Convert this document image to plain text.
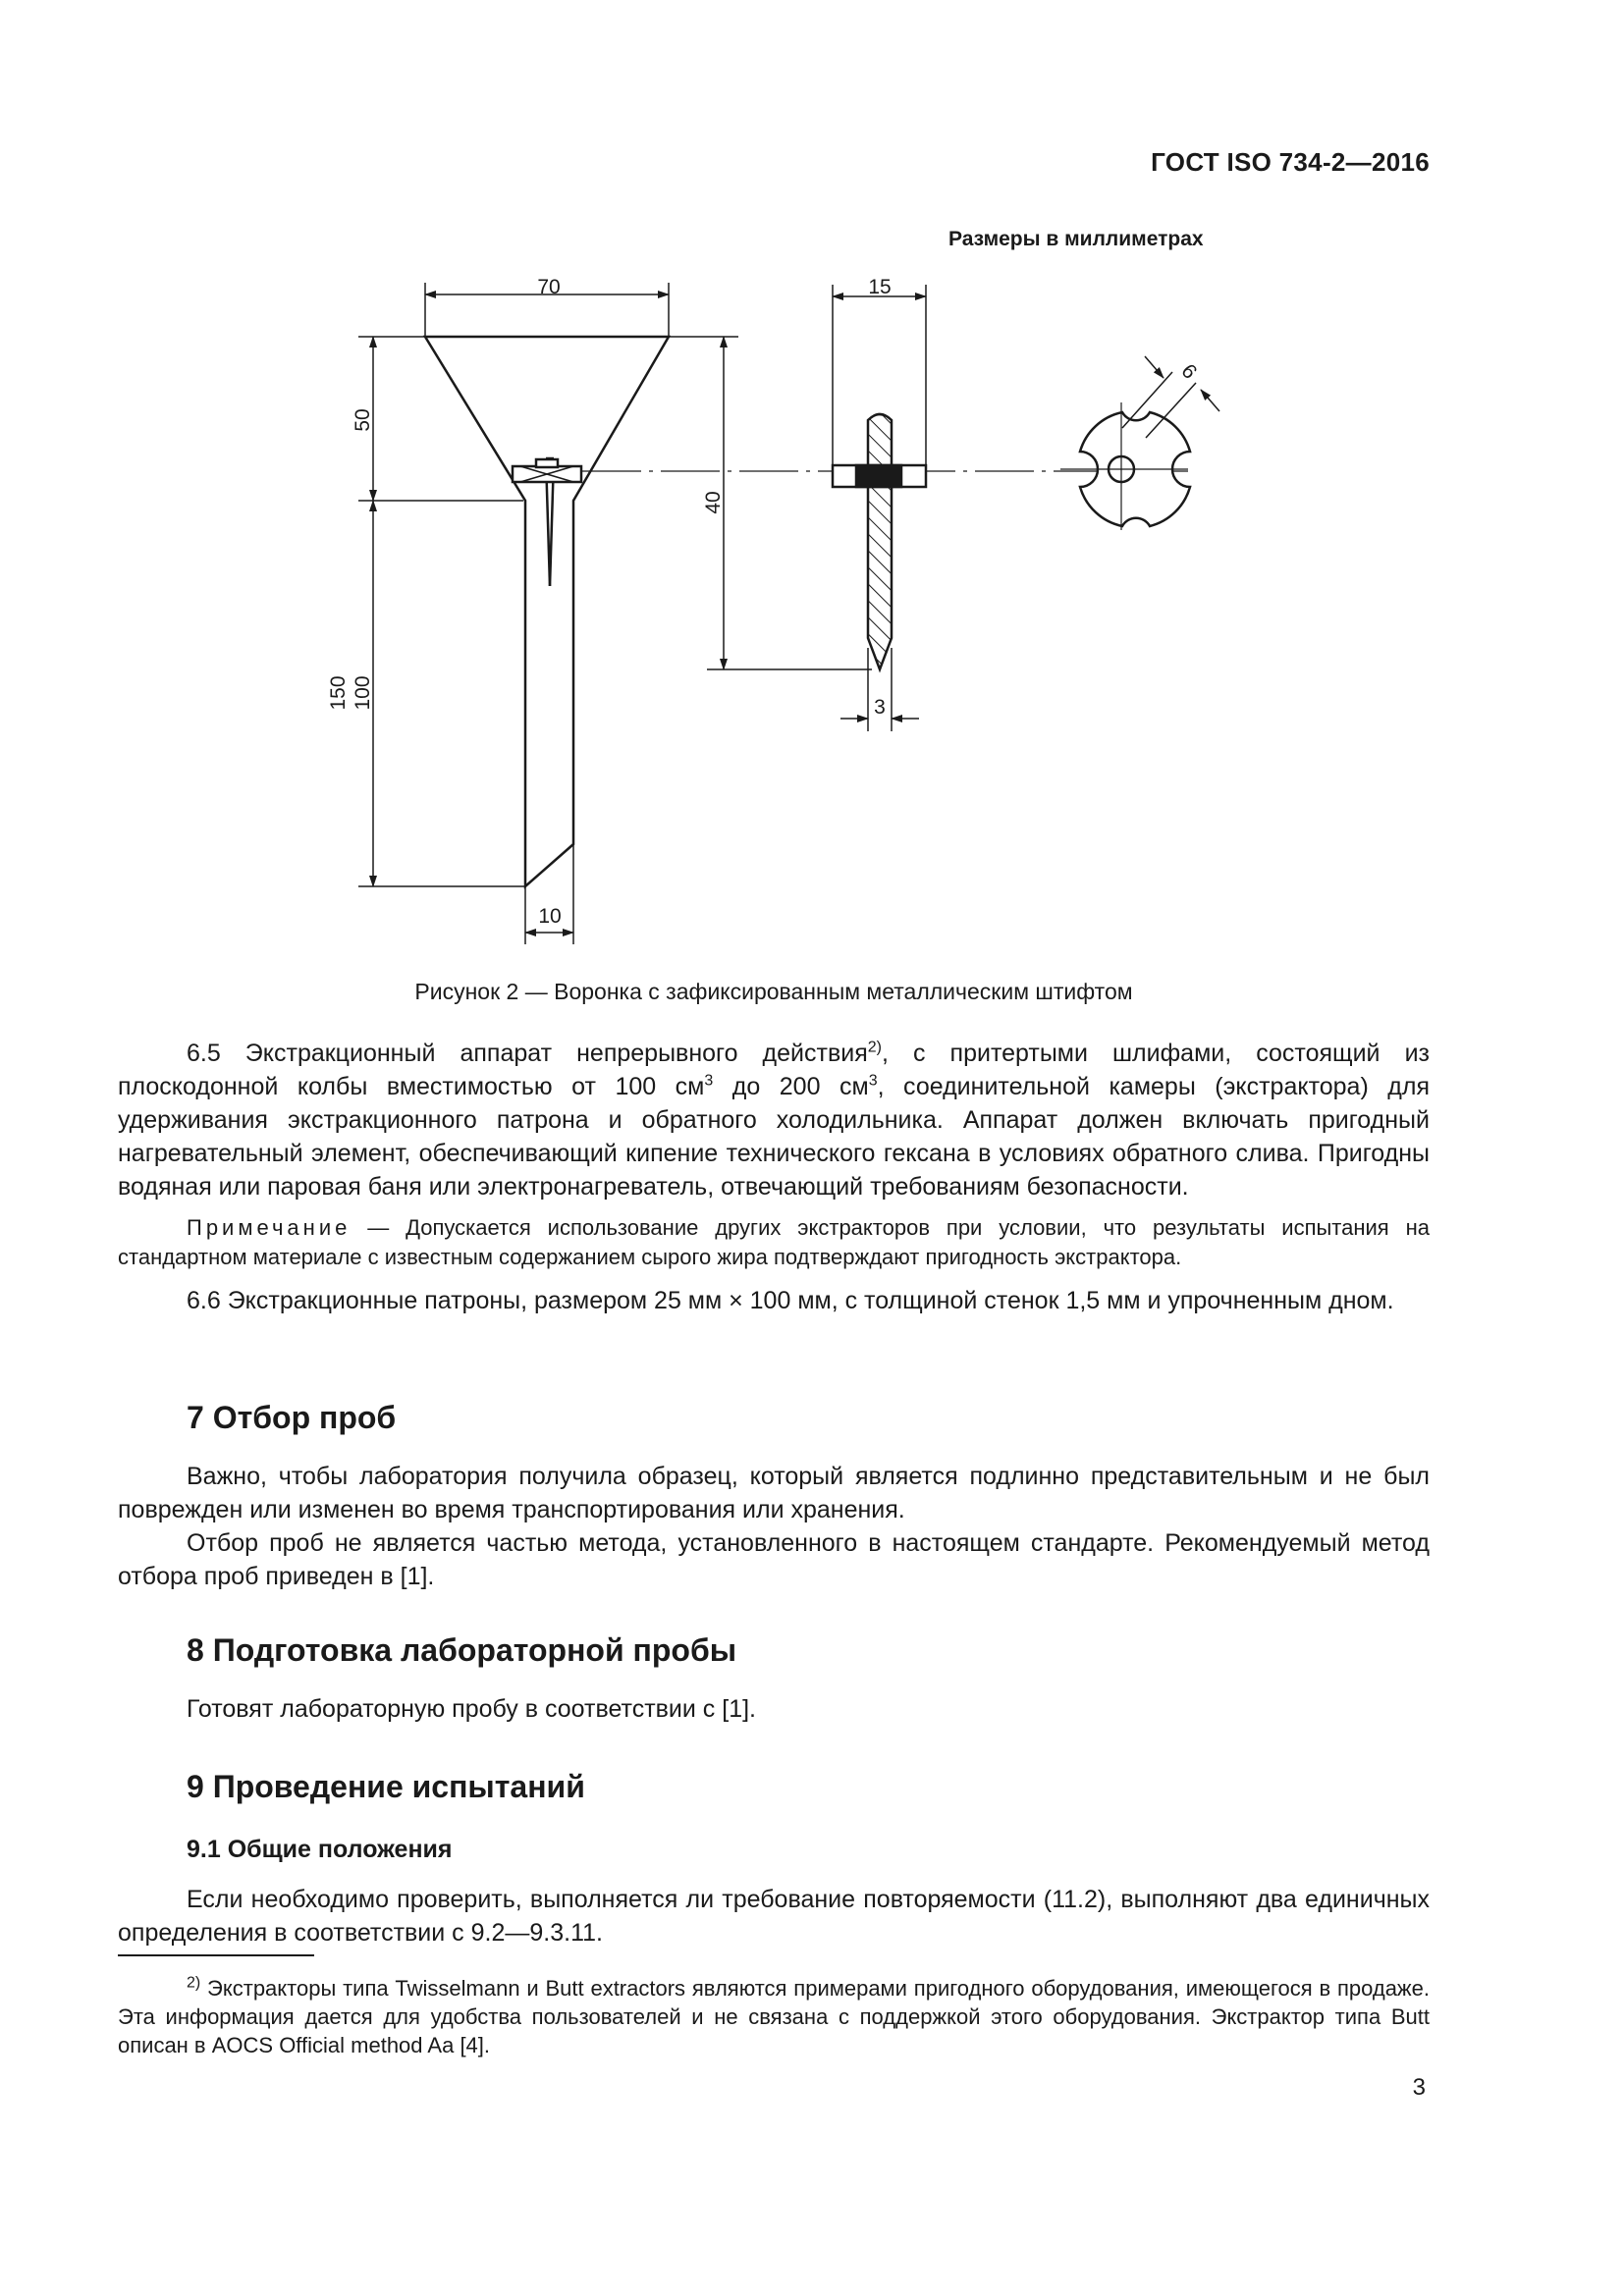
ГОСТ ISO 734-2—2016
Размеры в миллиметрах
70
50
150 100
10
40
15
3
6
Рисунок 2 — Воронка с зафиксированным металлическим штифтом

6.5 Экстракционный аппарат непрерывного действия$^{2)}$, с притертыми шлифами, состоящий из плоскодонной колбы вместимостью от 100 $см^3$ до 200 $см^3$, соединительной камеры (экстрактора) для удерживания экстракционного патрона и обратного холодильника. Аппарат должен включать пригодный нагревательный элемент, обеспечивающий кипение технического гексана в условиях обратного слива. Пригодны водяная или паровая баня или электронагреватель, отвечающий требованиям безопасности.

Примечание — Допускается использование других экстракторов при условии, что результаты испытания на стандартном материале с известным содержанием сырого жира подтверждают пригодность экстрактора.

6.6 Экстракционные патроны, размером 25 мм × 100 мм, с толщиной стенок 1,5 мм и упрочненным дном.

7 Отбор проб

Важно, чтобы лаборатория получила образец, который является подлинно представительным и не был поврежден или изменен во время транспортирования или хранения.

Отбор проб не является частью метода, установленного в настоящем стандарте. Рекомендуемый метод отбора проб приведен в [1].

8 Подготовка лабораторной пробы

Готовят лабораторную пробу в соответствии с [1].

9 Проведение испытаний
9.1 Общие положения

Если необходимо проверить, выполняется ли требование повторяемости (11.2), выполняют два единичных определения в соответствии с 9.2—9.3.11.

$^{2)}$ Экстракторы типа Twisselmann и Butt extractors являются примерами пригодного оборудования, имеющегося в продаже. Эта информация дается для удобства пользователей и не связана с поддержкой этого оборудования. Экстрактор типа Butt описан в AOCS Official method Aa [4].

3
